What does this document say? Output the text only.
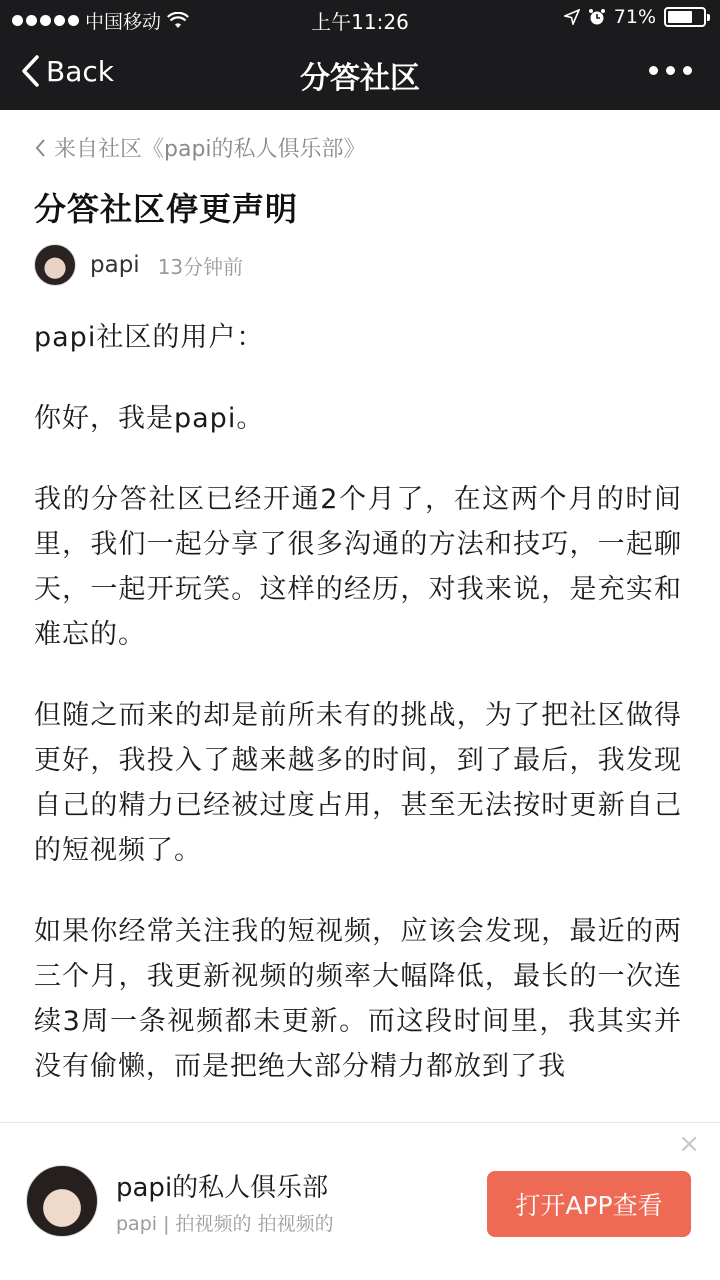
中国移动	上午11:26	71%
Back	分答社区
来自社区《papi的私人俱乐部》
分答社区停更声明
papi 13分钟前

papi社区的用户：

你好，我是papi。

我的分答社区已经开通2个月了，在这两个月的时间里，我们一起分享了很多沟通的方法和技巧，一起聊天，一起开玩笑。这样的经历，对我来说，是充实和难忘的。

但随之而来的却是前所未有的挑战，为了把社区做得更好，我投入了越来越多的时间，到了最后，我发现自己的精力已经被过度占用，甚至无法按时更新自己的短视频了。

如果你经常关注我的短视频，应该会发现，最近的两三个月，我更新视频的频率大幅降低，最长的一次连续3周一条视频都未更新。而这段时间里，我其实并没有偷懒，而是把绝大部分精力都放到了我

×
papi的私人俱乐部
papi | 拍视频的 拍视频的
打开APP查看
